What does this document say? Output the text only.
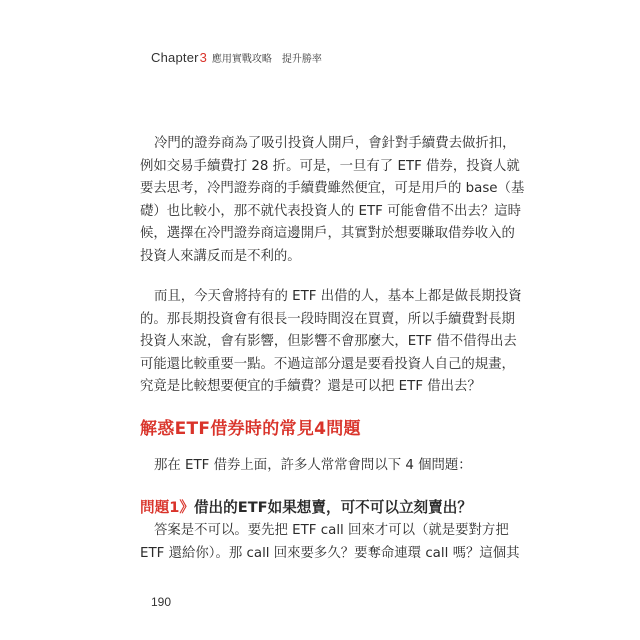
Chapter 3 應用實戰攻略　提升勝率

冷門的證券商為了吸引投資人開戶，會針對手續費去做折扣，
例如交易手續費打 28 折。可是，一旦有了 ETF 借券，投資人就
要去思考，冷門證券商的手續費雖然便宜，可是用戶的 base（基
礎）也比較小，那不就代表投資人的 ETF 可能會借不出去？這時
候，選擇在冷門證券商這邊開戶，其實對於想要賺取借券收入的
投資人來講反而是不利的。

而且，今天會將持有的 ETF 出借的人，基本上都是做長期投資
的。那長期投資會有很長一段時間沒在買賣，所以手續費對長期
投資人來說，會有影響，但影響不會那麼大，ETF 借不借得出去
可能還比較重要一點。不過這部分還是要看投資人自己的規畫，
究竟是比較想要便宜的手續費？還是可以把 ETF 借出去？

解惑ETF借券時的常見4問題

那在 ETF 借券上面，許多人常常會問以下 4 個問題：

問題1》借出的ETF如果想賣，可不可以立刻賣出？

答案是不可以。要先把 ETF call 回來才可以（就是要對方把
ETF 還給你）。那 call 回來要多久？要奪命連環 call 嗎？這個其

190
